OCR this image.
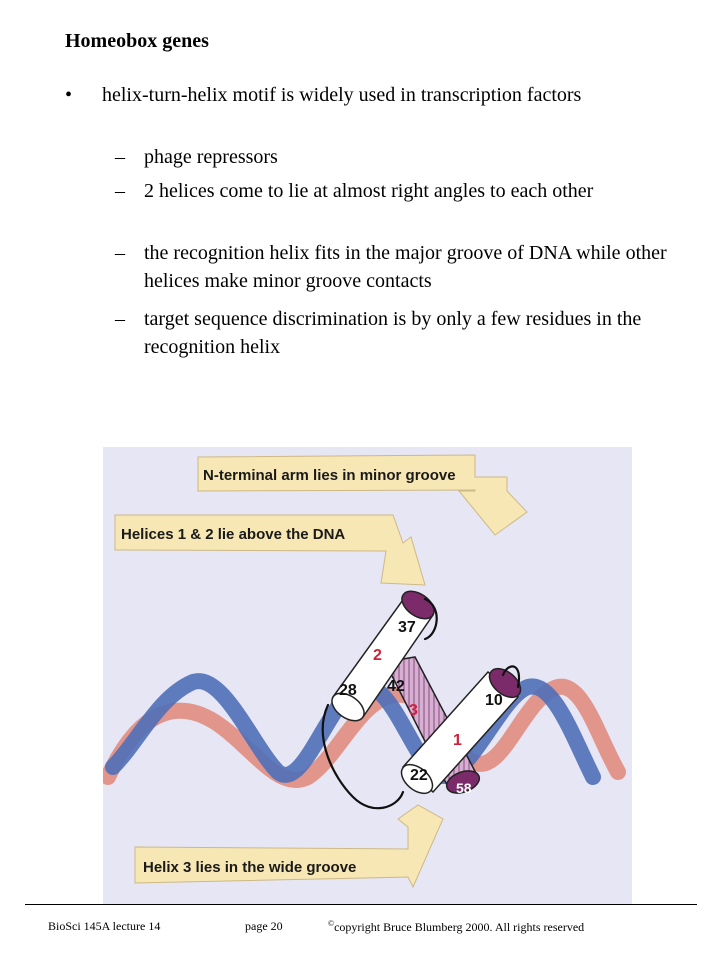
Homeobox genes
• helix-turn-helix motif is widely used in transcription factors
– phage repressors
– 2 helices come to lie at almost right angles to each other
– the recognition helix fits in the major groove of DNA while other helices make minor groove contacts
– target sequence discrimination is by only a few residues in the recognition helix
N-terminal arm lies in minor groove
Helices 1 & 2 lie above the DNA
Helix 3 lies in the wide groove
3
42
58
2
37
28
1
10
22
BioSci 145A lecture 14	page 20	©copyright Bruce Blumberg 2000. All rights reserved
